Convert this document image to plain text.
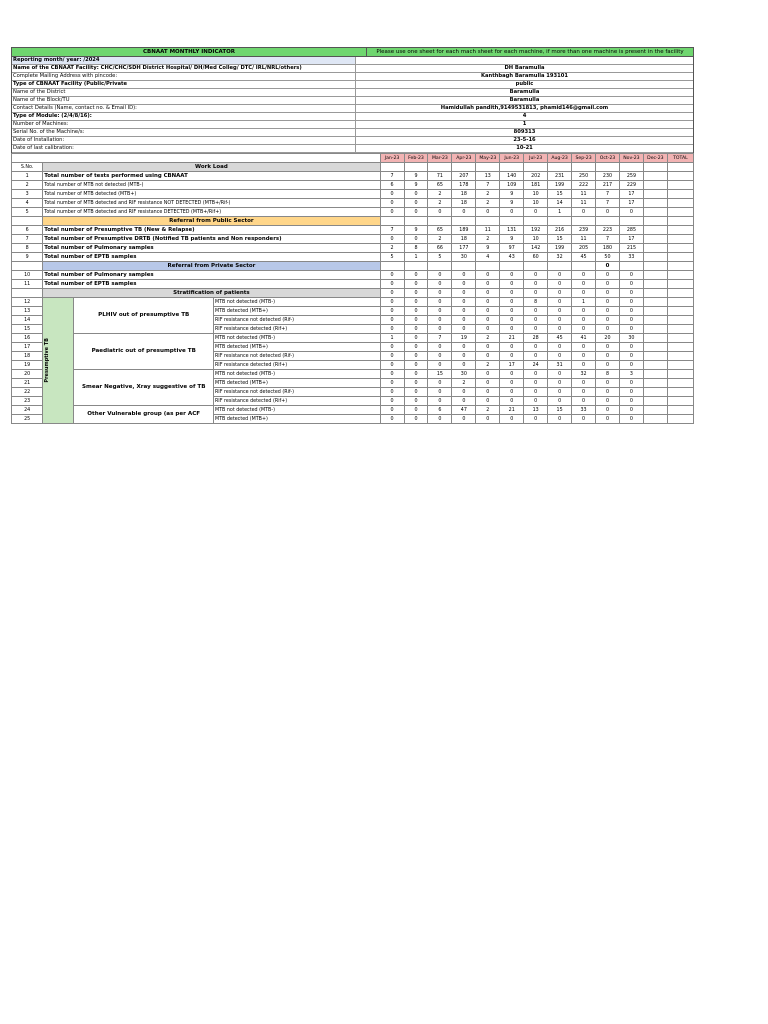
CBNAAT MONTHLY INDICATOR	Please use one sheet for each mach sheet for each machine, if more than one machine is present in the facility
Reporting month/ year: /2024
Name of the CBNAAT Facility: CHC/CHC/SDH District Hospital/ DH/Med Colleg/ DTC/ IRL/NRL/others)	DH Baramulla
Complete Mailing Address with pincode:	Kanthbagh Baramulla 193101
Type of CBNAAT Facility (Public/Private	public
Name of the District	Baramulla
Name of the Block/TU	Baramulla
Contact Details (Name, contact no. & Email ID):	Hamidullah pandith,9149531813, phamid146@gmail.com
Type of Module: (2/4/8/16):	4
Number of Machines:	1
Serial No. of the Machine/s:	809313
Date of Installation:	23-5-16
Date of last calibration:	10-21
				Jan-23	Feb-23	Mar-23	Apr-23	May-23	Jun-23	Jul-23	Aug-23	Sep-23	Oct-23	Nov-23	Dec-23	TOTAL
S.No.	Work Load															
1	Total number of tests performed using CBNAAT			7	9	71	207	13	140	202	231	250	230	259		
2	Total number of MTB not detected (MTB-)			6	9	65	178	7	109	181	199	222	217	229		
3	Total number of MTB detected (MTB+)			0	0	2	18	2	9	10	15	11	7	17		
4	Total number of MTB detected and RIF resistance NOT DETECTED (MTB+/Rif-)			0	0	2	18	2	9	10	14	11	7	17		
5	Total number of MTB detected and RIF resistance DETECTED (MTB+/Rif+)			0	0	0	0	0	0	0	1	0	0	0		
	Referral from Public Sector															
6	Total number of Presumptive TB (New & Relapse)			7	9	65	189	11	131	192	216	239	223	285		
7	Total number of Presumptive DRTB (Notified TB patients and Non responders)			0	0	2	18	2	9	10	15	11	7	17		
8	Total number of Pulmonary samples			2	8	66	177	9	97	142	199	205	180	215		
9	Total number of EPTB samples			5	1	5	30	4	43	60	32	45	50	33		
	Referral from Private Sector												0			
10	Total number of Pulmonary samples			0	0	0	0	0	0	0	0	0	0	0		
11	Total number of EPTB samples			0	0	0	0	0	0	0	0	0	0	0		
	Stratification of patients			0	0	0	0	0	0	0	0	0	0	0		
12	Presumptive TB	PLHIV out of presumptive TB	MTB not detected (MTB-)	0	0	0	0	0	0	8	0	1	0	0		
13			MTB detected (MTB+)	0	0	0	0	0	0	0	0	0	0	0		
14			RIF resistance not detected (Rif-)	0	0	0	0	0	0	0	0	0	0	0		
15			RIF resistance detected (Rif+)	0	0	0	0	0	0	0	0	0	0	0		
16		Paediatric out of presumptive TB	MTB not detected (MTB-)	1	0	7	19	2	21	28	45	41	20	30		
17			MTB detected (MTB+)	0	0	0	0	0	0	0	0	0	0	0		
18			RIF resistance not detected (Rif-)	0	0	0	0	0	0	0	0	0	0	0		
19			RIF resistance detected (Rif+)	0	0	0	0	2	17	24	31	0	0	0		
20		Smear Negative, Xray suggestive of TB	MTB not detected (MTB-)	0	0	15	30	0	0	0	0	32	8	3		
21			MTB detected (MTB+)	0	0	0	2	0	0	0	0	0	0	0		
22			RIF resistance not detected (Rif-)	0	0	0	0	0	0	0	0	0	0	0		
23			RIF resistance detected (Rif+)	0	0	0	0	0	0	0	0	0	0	0		
24		Other Vulnerable group (as per ACF	MTB not detected (MTB-)	0	0	6	47	2	21	13	15	33	0	0		
25			MTB detected (MTB+)	0	0	0	0	0	0	0	0	0	0	0		
